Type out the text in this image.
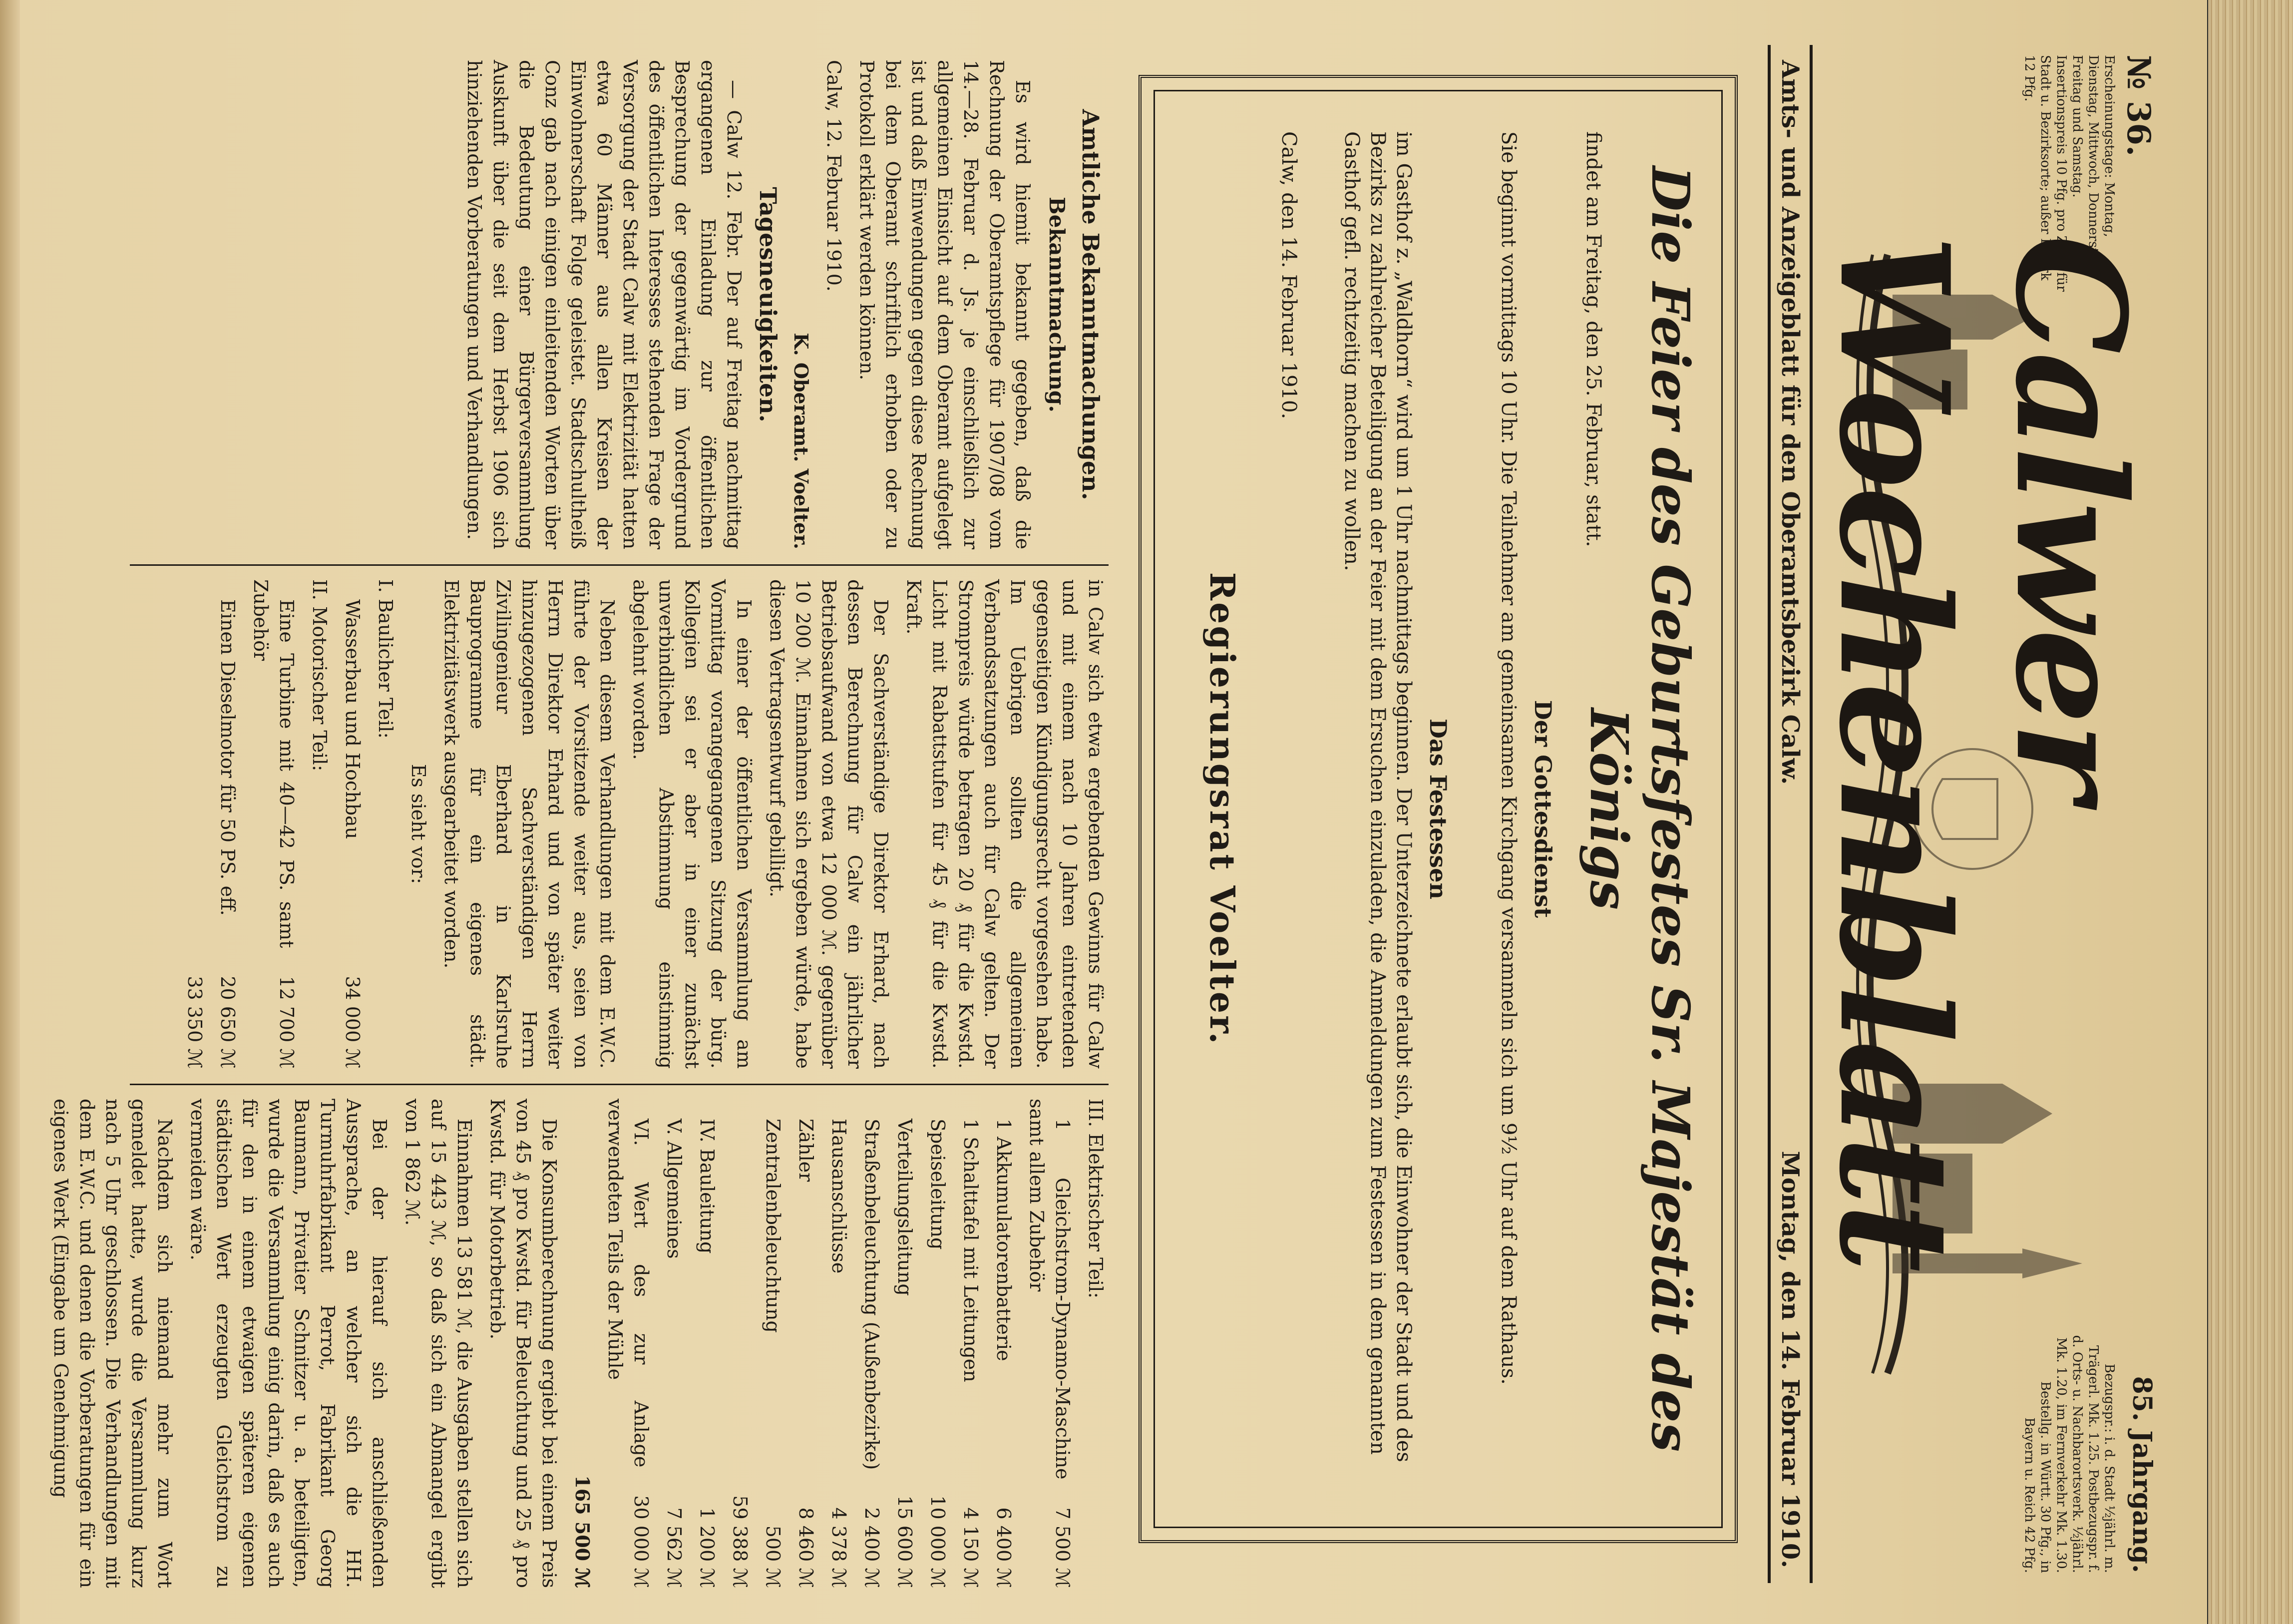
№ 36.
85. Jahrgang.
Erscheinungstage: Montag, Dienstag, Mittwoch, Donnerstag, Freitag und Samstag. Insertionspreis 10 Pfg. pro Zeile für Stadt u. Bezirksorte; außer Bezirk 12 Pfg.
Bezugspr.: i. d. Stadt ½jährl. m. Trägerl. Mk. 1.25. Postbezugspr. f. d. Orts- u. Nachbarortsverk. ½jährl. Mk. 1.20, im Fernverkehr Mk. 1.30. Bestellg. in Württ. 30 Pfg., in Bayern u. Reich 42 Pfg.
Calwer Wochenblatt
Amts- und Anzeigeblatt für den Oberamtsbezirk Calw.
Montag, den 14. Februar 1910.
Die Feier des Geburtsfestes Sr. Majestät des Königs
findet am Freitag, den 25. Februar, statt.
Der Gottesdienst
Sie beginnt vormittags 10 Uhr. Die Teilnehmer am gemeinsamen Kirchgang versammeln sich um 9½ Uhr auf dem Rathaus.
Das Festessen
im Gasthof z. „Waldhorn“ wird um 1 Uhr nachmittags beginnen. Der Unterzeichnete erlaubt sich, die Einwohner der Stadt und des Bezirks zu zahlreicher Beteiligung an der Feier mit dem Ersuchen einzuladen, die Anmeldungen zum Festessen in dem genannten Gasthof gefl. rechtzeitig machen zu wollen.
Calw, den 14. Februar 1910.
Regierungsrat Voelter.
Amtliche Bekanntmachungen.
Bekanntmachung.

Es wird hiemit bekannt gegeben, daß die Rechnung der Oberamtspflege für 1907/08 vom 14.—28. Februar d. Js. je einschließlich zur allgemeinen Einsicht auf dem Oberamt aufgelegt ist und daß Einwendungen gegen diese Rechnung bei dem Oberamt schriftlich erhoben oder zu Protokoll erklärt werden können.

Calw, 12. Februar 1910.

K. Oberamt. Voelter.

Tagesneuigkeiten.

— Calw 12. Febr. Der auf Freitag nachmittag ergangenen Einladung zur öffentlichen Besprechung der gegenwärtig im Vordergrund des öffentlichen Interesses stehenden Frage der Versorgung der Stadt Calw mit Elektrizität hatten etwa 60 Männer aus allen Kreisen der Einwohnerschaft Folge geleistet. Stadtschultheiß Conz gab nach einigen einleitenden Worten über die Bedeutung einer Bürgerversammlung Auskunft über die seit dem Herbst 1906 sich hinziehenden Vorberatungen und Verhandlungen.

in Calw sich etwa ergebenden Gewinns für Calw und mit einem nach 10 Jahren eintretenden gegenseitigen Kündigungsrecht vorgesehen habe. Im Uebrigen sollten die allgemeinen Verbandssatzungen auch für Calw gelten. Der Strompreis würde betragen 20 ₰ für die Kwstd. Licht mit Rabattstufen für 45 ₰ für die Kwstd. Kraft.

Der Sachverständige Direktor Erhard, nach dessen Berechnung für Calw ein jährlicher Betriebsaufwand von etwa 12 000 ℳ. gegenüber 10 200 ℳ. Einnahmen sich ergeben würde, habe diesen Vertragsentwurf gebilligt.

In einer der öffentlichen Versammlung am Vormittag vorangegangenen Sitzung der bürg. Kollegien sei er aber in einer zunächst unverbindlichen Abstimmung einstimmig abgelehnt worden.

Neben diesem Verhandlungen mit dem E.W.C. führte der Vorsitzende weiter aus, seien von Herrn Direktor Erhard und von später weiter hinzugezogenen Sachverständigen Herrn Zivilingenieur Eberhard in Karlsruhe Bauprogramme für ein eigenes städt. Elektrizitätswerk ausgearbeitet worden.

Es sieht vor:

I. Baulicher Teil:

Wasserbau und Hochbau
34 000 ℳ

II. Motorischer Teil:

Eine Turbine mit 40—42 PS. samt Zubehör
12 700 ℳ

Einen Dieselmotor für 50 PS. eff.
20 650 ℳ

33 350 ℳ

III. Elektrischer Teil:

1 Gleichstrom-Dynamo-Maschine samt allem Zubehör
7 500 ℳ

1 Akkumulatorenbatterie
6 400 ℳ

1 Schalttafel mit Leitungen
4 150 ℳ

Speiseleitung
10 000 ℳ

Verteilungsleitung
15 600 ℳ

Straßenbeleuchtung (Außenbezirke)
2 400 ℳ

Hausanschlüsse
4 378 ℳ

Zähler
8 460 ℳ

Zentralenbeleuchtung
500 ℳ

59 388 ℳ

IV. Bauleitung
1 200 ℳ

V. Allgemeines
7 562 ℳ

VI. Wert des zur Anlage verwendeten Teils der Mühle
30 000 ℳ

165 500 ℳ

Die Konsumberechnung ergiebt bei einem Preis von 45 ₰ pro Kwstd. für Beleuchtung und 25 ₰ pro Kwstd. für Motorbetrieb.

Einnahmen 13 581 ℳ, die Ausgaben stellen sich auf 15 443 ℳ, so daß sich ein Abmangel ergibt von 1 862 ℳ.

Bei der hierauf sich anschließenden Aussprache, an welcher sich die HH. Turmuhrfabrikant Perrot, Fabrikant Georg Baumann, Privatier Schnitzer u. a. beteiligten, wurde die Versammlung einig darin, daß es auch für den in einem etwaigen späteren eigenen städtischen Wert erzeugten Gleichstrom zu vermeiden wäre.

Nachdem sich niemand mehr zum Wort gemeldet hatte, wurde die Versammlung kurz nach 5 Uhr geschlossen. Die Verhandlungen mit dem E.W.C. und denen die Vorberatungen für ein eigenes Werk (Eingabe um Genehmigung
